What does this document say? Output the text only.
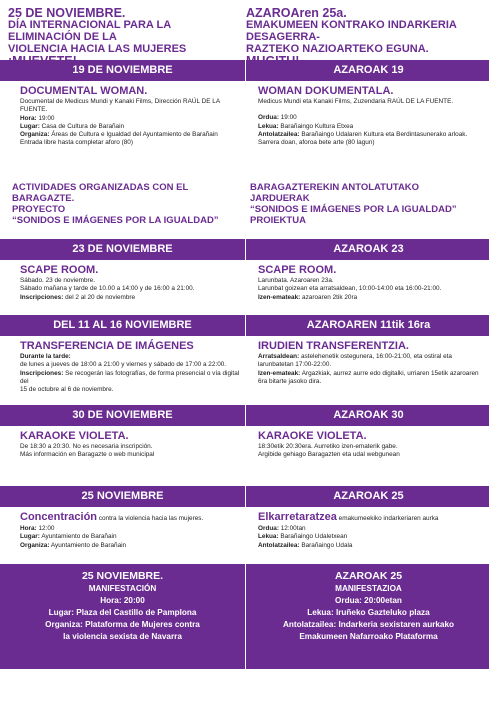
25 DE NOVIEMBRE.
DÍA INTERNACIONAL PARA LA ELIMINACIÓN DE LA
VIOLENCIA HACIA LAS MUJERES
¡MUEVETE!
19 DE NOVIEMBRE
DOCUMENTAL WOMAN.
Documental de Medicus Mundi y Kanaki Films, Dirección RAÚL DE LA
FUENTE.
Hora: 19:00
Lugar: Casa de Cultura de Barañain
Organiza: Áreas de Cultura e Igualdad del Ayuntamiento de Barañain
Entrada libre hasta completar aforo (80)
ACTIVIDADES ORGANIZADAS CON EL
BARAGAZTE.
PROYECTO
“SONIDOS E IMÁGENES POR LA IGUALDAD”
23 DE NOVIEMBRE
SCAPE ROOM.
Sábado. 23 de noviembre.
Sábado mañana y tarde de 10.00 a 14:00 y de 16:00 a 21:00.
Inscripciones: del 2 al 20 de noviembre
DEL 11 AL 16 NOVIEMBRE
TRANSFERENCIA DE IMÁGENES
Durante la tarde:
de lunes a jueves de 18:00 a 21:00 y viernes y sábado de 17:00 a 22:00.
Inscripciones: Se recogerán las fotografías, de forma presencial o vía digital del
15 de octubre al 6 de noviembre.
30 DE NOVIEMBRE
KARAOKE VIOLETA.
De 18:30 a 20:30. No es necesaria inscripción.
Más información en Baragazte o web municipal
25 NOVIEMBRE
Concentración contra la violencia hacia las mujeres.
Hora: 12:00
Lugar: Ayuntamiento de Barañain
Organiza: Ayuntamiento de Barañain
25 NOVIEMBRE.
MANIFESTACIÓN
Hora: 20:00
Lugar: Plaza del Castillo de Pamplona
Organiza: Plataforma de Mujeres contra
la violencia sexista de Navarra
AZAROAren 25a.
EMAKUMEEN KONTRAKO INDARKERIA DESAGERRA-
RAZTEKO NAZIOARTEKO EGUNA.
MUGITU!
AZAROAK 19
WOMAN DOKUMENTALA.
Medicus Mundi eta Kanaki Films, Zuzendaria RAÚL DE LA FUENTE.
Ordua: 19:00
Lekua: Barañaingo Kultura Etxea
Antolatzailea: Barañaingo Udalaren Kultura eta Berdintasunerako arloak.
Sarrera doan, aforoa bete arte (80 lagun)
BARAGAZTEREKIN ANTOLATUTAKO
JARDUERAK
“SONIDOS E IMÁGENES POR LA IGUALDAD”
PROIEKTUA
AZAROAK 23
SCAPE ROOM.
Larunbata. Azaroaren 23a.
Larunbat goizean eta arratsaldean, 10:00-14:00 eta 16:00-21:00.
Izen-emateak: azaroaren 2tik 20ra
AZAROAREN 11tik 16ra
IRUDIEN TRANSFERENTZIA.
Arratsaldean: astelehenetik ostegunera, 16:00-21:00, eta ostiral eta
larunbatetan 17:00-22:00.
Izen-emateak: Argazkiak, aurrez aurre edo digitalki, urriaren 15etik azaroaren
6ra bitarte jasoko dira.
AZAROAK 30
KARAOKE VIOLETA.
18:30etik 20:30era. Aurretiko izen-ematerik gabe.
Argibide gehiago Baragazten eta udal webgunean
AZAROAK 25
Elkarretaratzea emakumeekiko indarkeriaren aurka
Ordua: 12:00tan
Lekua: Barañaingo Udaletxean
Antolatzailea: Barañaingo Udala
AZAROAK 25
MANIFESTAZIOA
Ordua: 20:00etan
Lekua: Iruñeko Gazteluko plaza
Antolatzailea: Indarkeria sexistaren aurkako
Emakumeen Nafarroako Plataforma
